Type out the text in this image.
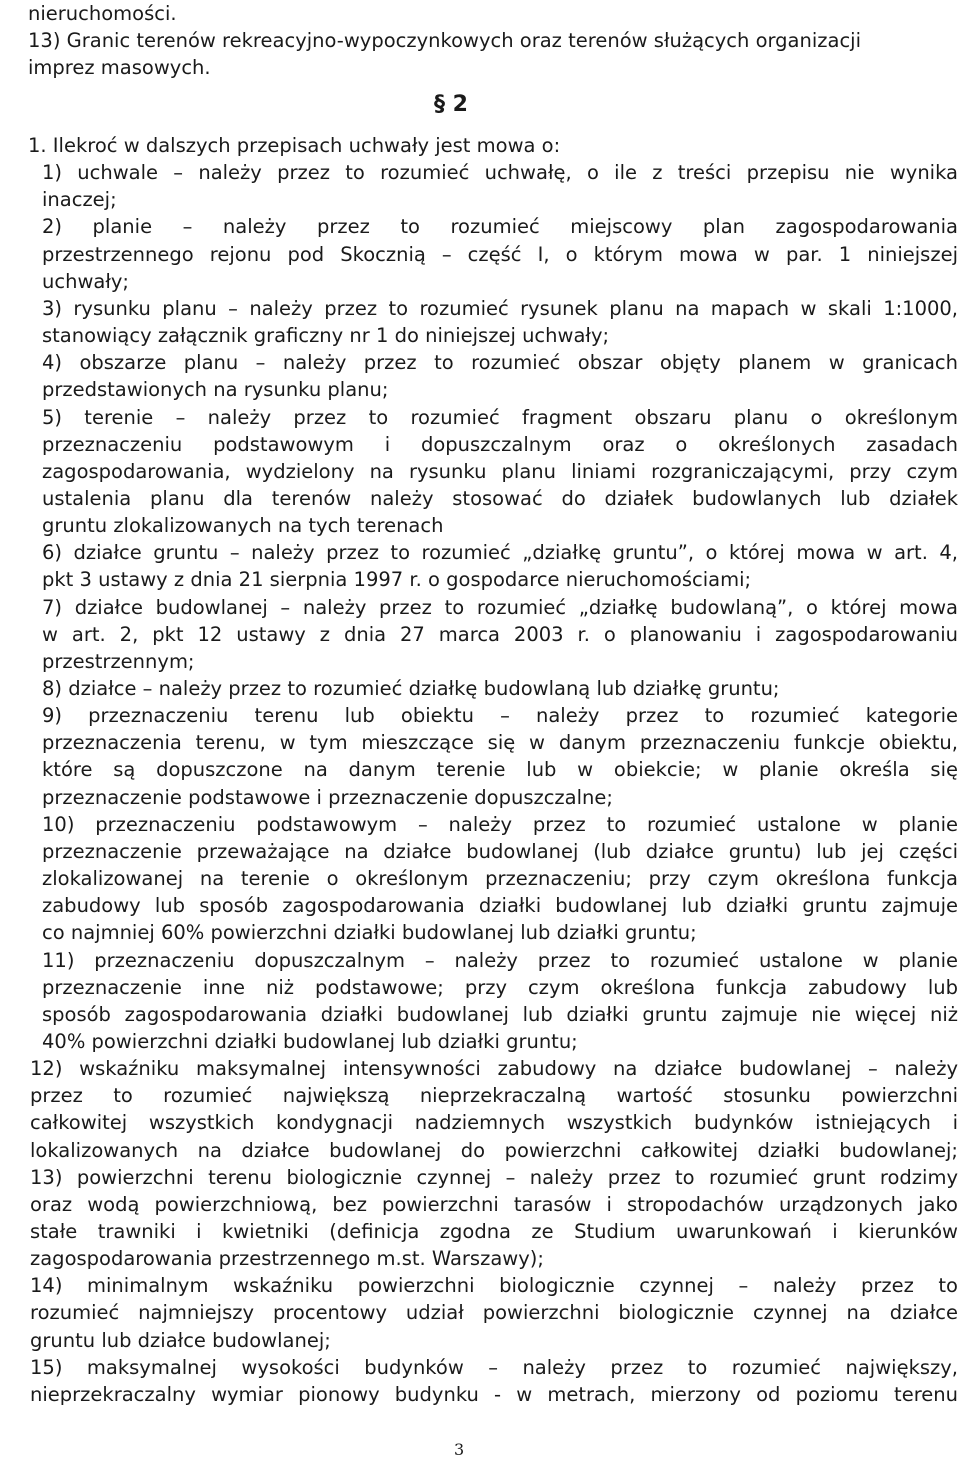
nieruchomości.
13) Granic terenów rekreacyjno-wypoczynkowych oraz terenów służących organizacji
imprez masowych.
§ 2
1. Ilekroć w dalszych przepisach uchwały jest mowa o:
1) uchwale – należy przez to rozumieć uchwałę, o ile z treści przepisu nie wynika
inaczej;
2) planie – należy przez to rozumieć miejscowy plan zagospodarowania
przestrzennego rejonu pod Skocznią – część I, o którym mowa w par. 1 niniejszej
uchwały;
3) rysunku planu – należy przez to rozumieć rysunek planu na mapach w skali 1:1000,
stanowiący załącznik graficzny nr 1 do niniejszej uchwały;
4) obszarze planu – należy przez to rozumieć obszar objęty planem w granicach
przedstawionych na rysunku planu;
5) terenie – należy przez to rozumieć fragment obszaru planu o określonym
przeznaczeniu podstawowym i dopuszczalnym oraz o określonych zasadach
zagospodarowania, wydzielony na rysunku planu liniami rozgraniczającymi, przy czym
ustalenia planu dla terenów należy stosować do działek budowlanych lub działek
gruntu zlokalizowanych na tych terenach
6) działce gruntu – należy przez to rozumieć „działkę gruntu”, o której mowa w art. 4,
pkt 3 ustawy z dnia 21 sierpnia 1997 r. o gospodarce nieruchomościami;
7) działce budowlanej – należy przez to rozumieć „działkę budowlaną”, o której mowa
w art. 2, pkt 12 ustawy z dnia 27 marca 2003 r. o planowaniu i zagospodarowaniu
przestrzennym;
8) działce – należy przez to rozumieć działkę budowlaną lub działkę gruntu;
9) przeznaczeniu terenu lub obiektu – należy przez to rozumieć kategorie
przeznaczenia terenu, w tym mieszczące się w danym przeznaczeniu funkcje obiektu,
które są dopuszczone na danym terenie lub w obiekcie; w planie określa się
przeznaczenie podstawowe i przeznaczenie dopuszczalne;
10) przeznaczeniu podstawowym – należy przez to rozumieć ustalone w planie
przeznaczenie przeważające na działce budowlanej (lub działce gruntu) lub jej części
zlokalizowanej na terenie o określonym przeznaczeniu; przy czym określona funkcja
zabudowy lub sposób zagospodarowania działki budowlanej lub działki gruntu zajmuje
co najmniej 60% powierzchni działki budowlanej lub działki gruntu;
11) przeznaczeniu dopuszczalnym – należy przez to rozumieć ustalone w planie
przeznaczenie inne niż podstawowe; przy czym określona funkcja zabudowy lub
sposób zagospodarowania działki budowlanej lub działki gruntu zajmuje nie więcej niż
40% powierzchni działki budowlanej lub działki gruntu;
12) wskaźniku maksymalnej intensywności zabudowy na działce budowlanej – należy
przez to rozumieć największą nieprzekraczalną wartość stosunku powierzchni
całkowitej wszystkich kondygnacji nadziemnych wszystkich budynków istniejących i
lokalizowanych na działce budowlanej do powierzchni całkowitej działki budowlanej;
13) powierzchni terenu biologicznie czynnej – należy przez to rozumieć grunt rodzimy
oraz wodą powierzchniową, bez powierzchni tarasów i stropodachów urządzonych jako
stałe trawniki i kwietniki (definicja zgodna ze Studium uwarunkowań i kierunków
zagospodarowania przestrzennego m.st. Warszawy);
14) minimalnym wskaźniku powierzchni biologicznie czynnej – należy przez to
rozumieć najmniejszy procentowy udział powierzchni biologicznie czynnej na działce
gruntu lub działce budowlanej;
15) maksymalnej wysokości budynków – należy przez to rozumieć największy,
nieprzekraczalny wymiar pionowy budynku - w metrach, mierzony od poziomu terenu
3
